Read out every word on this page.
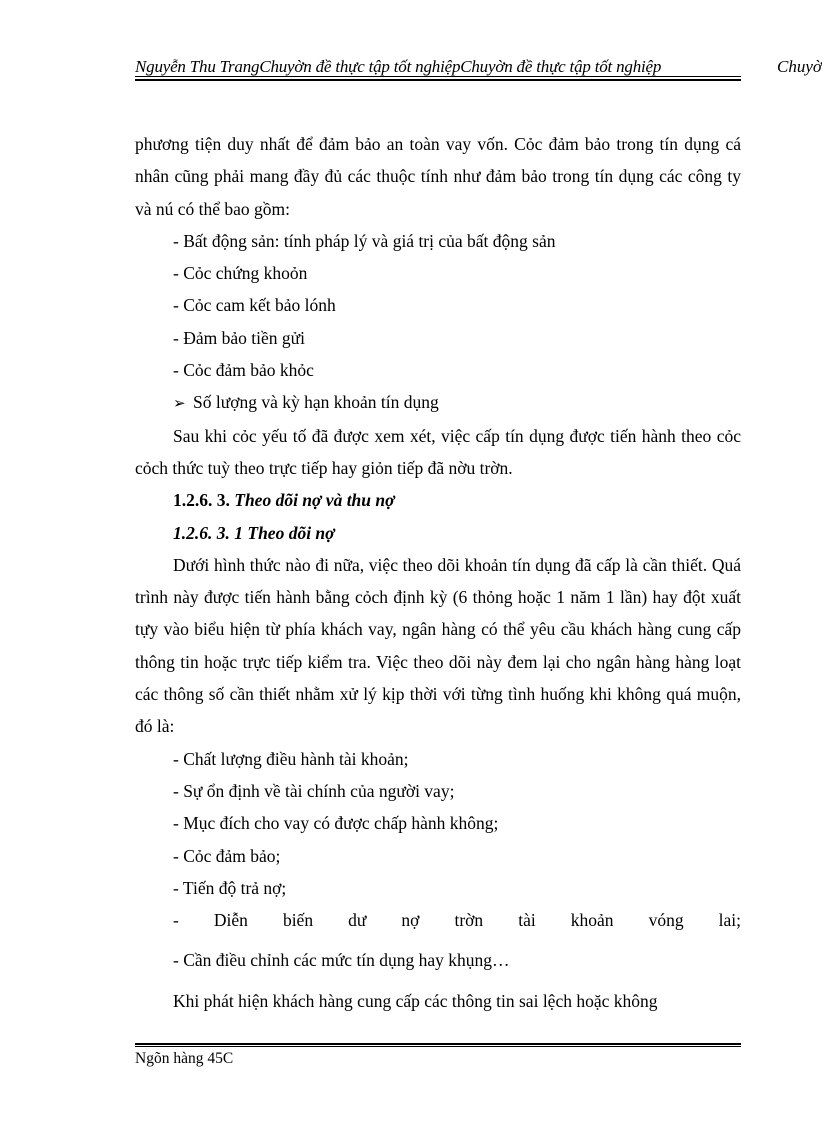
Nguyễn Thu TrangChuyờn đề thực tập tốt nghiệpChuyờn đề thực tập tốt nghiệp	Chuyờ

phương tiện duy nhất để đảm bảo an toàn vay vốn. Cỏc đảm bảo trong tín dụng cá nhân cũng phải mang đầy đủ các thuộc tính như đảm bảo trong tín dụng các công ty và nú có thể bao gồm:

- Bất động sản: tính pháp lý và giá trị của bất động sản

- Cỏc chứng khoỏn

- Cỏc cam kết bảo lónh

- Đảm bảo tiền gửi

- Cỏc đảm bảo khỏc

➢ Số lượng và kỳ hạn khoản tín dụng

Sau khi cỏc yếu tố đã được xem xét, việc cấp tín dụng được tiến hành theo cỏc cỏch thức tuỳ theo trực tiếp hay giỏn tiếp đã nờu trờn.

1.2.6. 3. Theo dõi nợ và thu nợ

1.2.6. 3. 1 Theo dõi nợ

Dưới hình thức nào đi nữa, việc theo dõi khoản tín dụng đã cấp là cần thiết. Quá trình này được tiến hành bằng cỏch định kỳ (6 thỏng hoặc 1 năm 1 lần) hay đột xuất tựy vào biểu hiện từ phía khách vay, ngân hàng có thể yêu cầu khách hàng cung cấp thông tin hoặc trực tiếp kiểm tra. Việc theo dõi này đem lại cho ngân hàng hàng loạt các thông số cần thiết nhằm xử lý kịp thời với từng tình huống khi không quá muộn, đó là:

- Chất lượng điều hành tài khoản;

- Sự ổn định về tài chính của người vay;

- Mục đích cho vay có được chấp hành không;

- Cỏc đảm bảo;

- Tiến độ trả nợ;

- Diễn biến dư nợ trờn tài khoản vóng lai;

- Cần điều chỉnh các mức tín dụng hay khụng…

Khi phát hiện khách hàng cung cấp các thông tin sai lệch hoặc không

Ngõn hàng 45C
